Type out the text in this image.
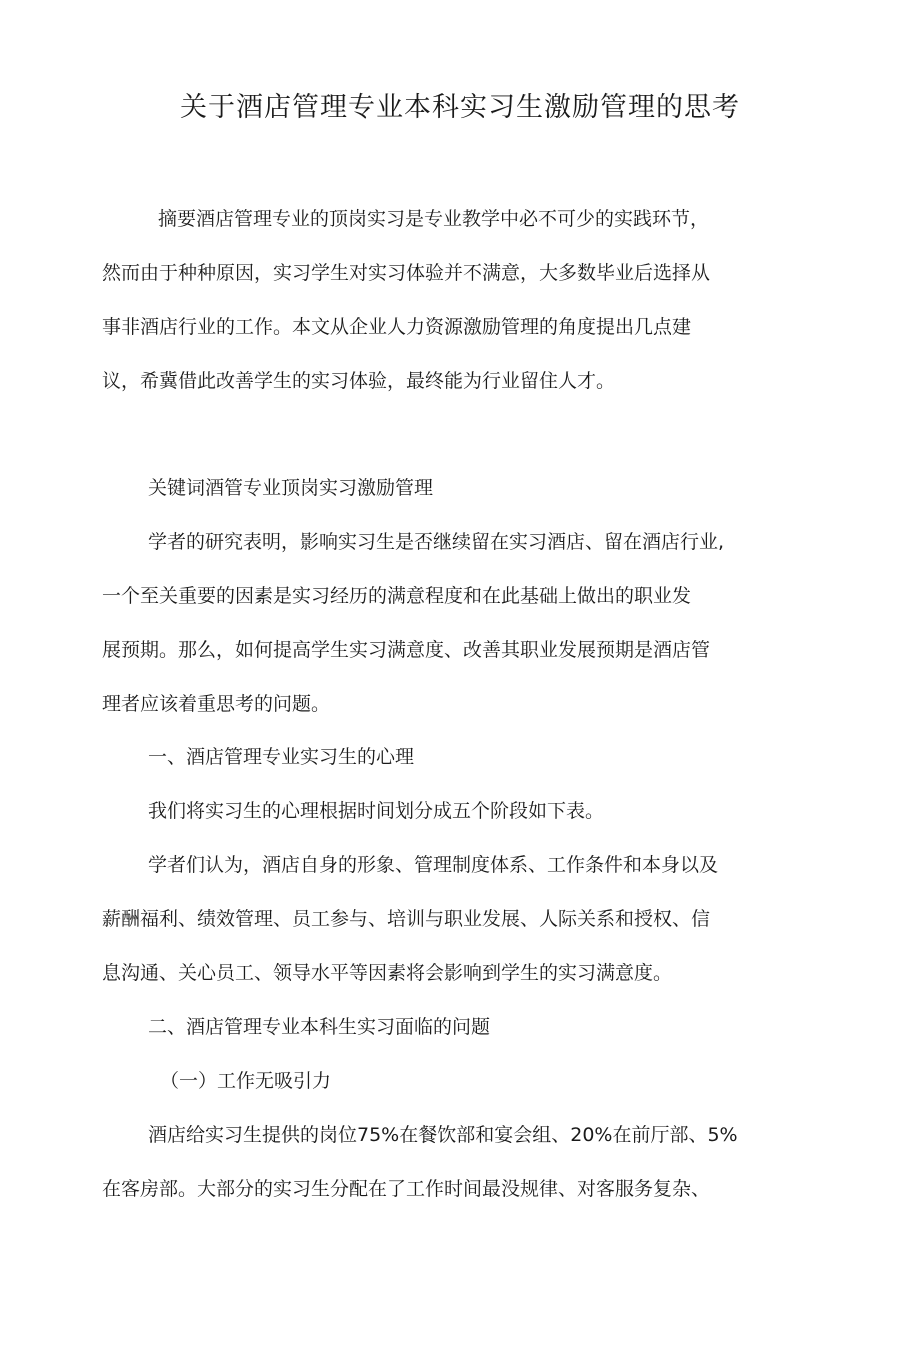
关于酒店管理专业本科实习生激励管理的思考
摘要酒店管理专业的顶岗实习是专业教学中必不可少的实践环节，
然而由于种种原因，实习学生对实习体验并不满意，大多数毕业后选择从
事非酒店行业的工作。本文从企业人力资源激励管理的角度提出几点建
议，希冀借此改善学生的实习体验，最终能为行业留住人才。
关键词酒管专业顶岗实习激励管理
学者的研究表明，影响实习生是否继续留在实习酒店、留在酒店行业,
一个至关重要的因素是实习经历的满意程度和在此基础上做出的职业发
展预期。那么，如何提高学生实习满意度、改善其职业发展预期是酒店管
理者应该着重思考的问题。
一、酒店管理专业实习生的心理
我们将实习生的心理根据时间划分成五个阶段如下表。
学者们认为，酒店自身的形象、管理制度体系、工作条件和本身以及
薪酬福利、绩效管理、员工参与、培训与职业发展、人际关系和授权、信
息沟通、关心员工、领导水平等因素将会影响到学生的实习满意度。
二、酒店管理专业本科生实习面临的问题
（一）工作无吸引力
酒店给实习生提供的岗位75%在餐饮部和宴会组、20%在前厅部、5%
在客房部。大部分的实习生分配在了工作时间最没规律、对客服务复杂、
